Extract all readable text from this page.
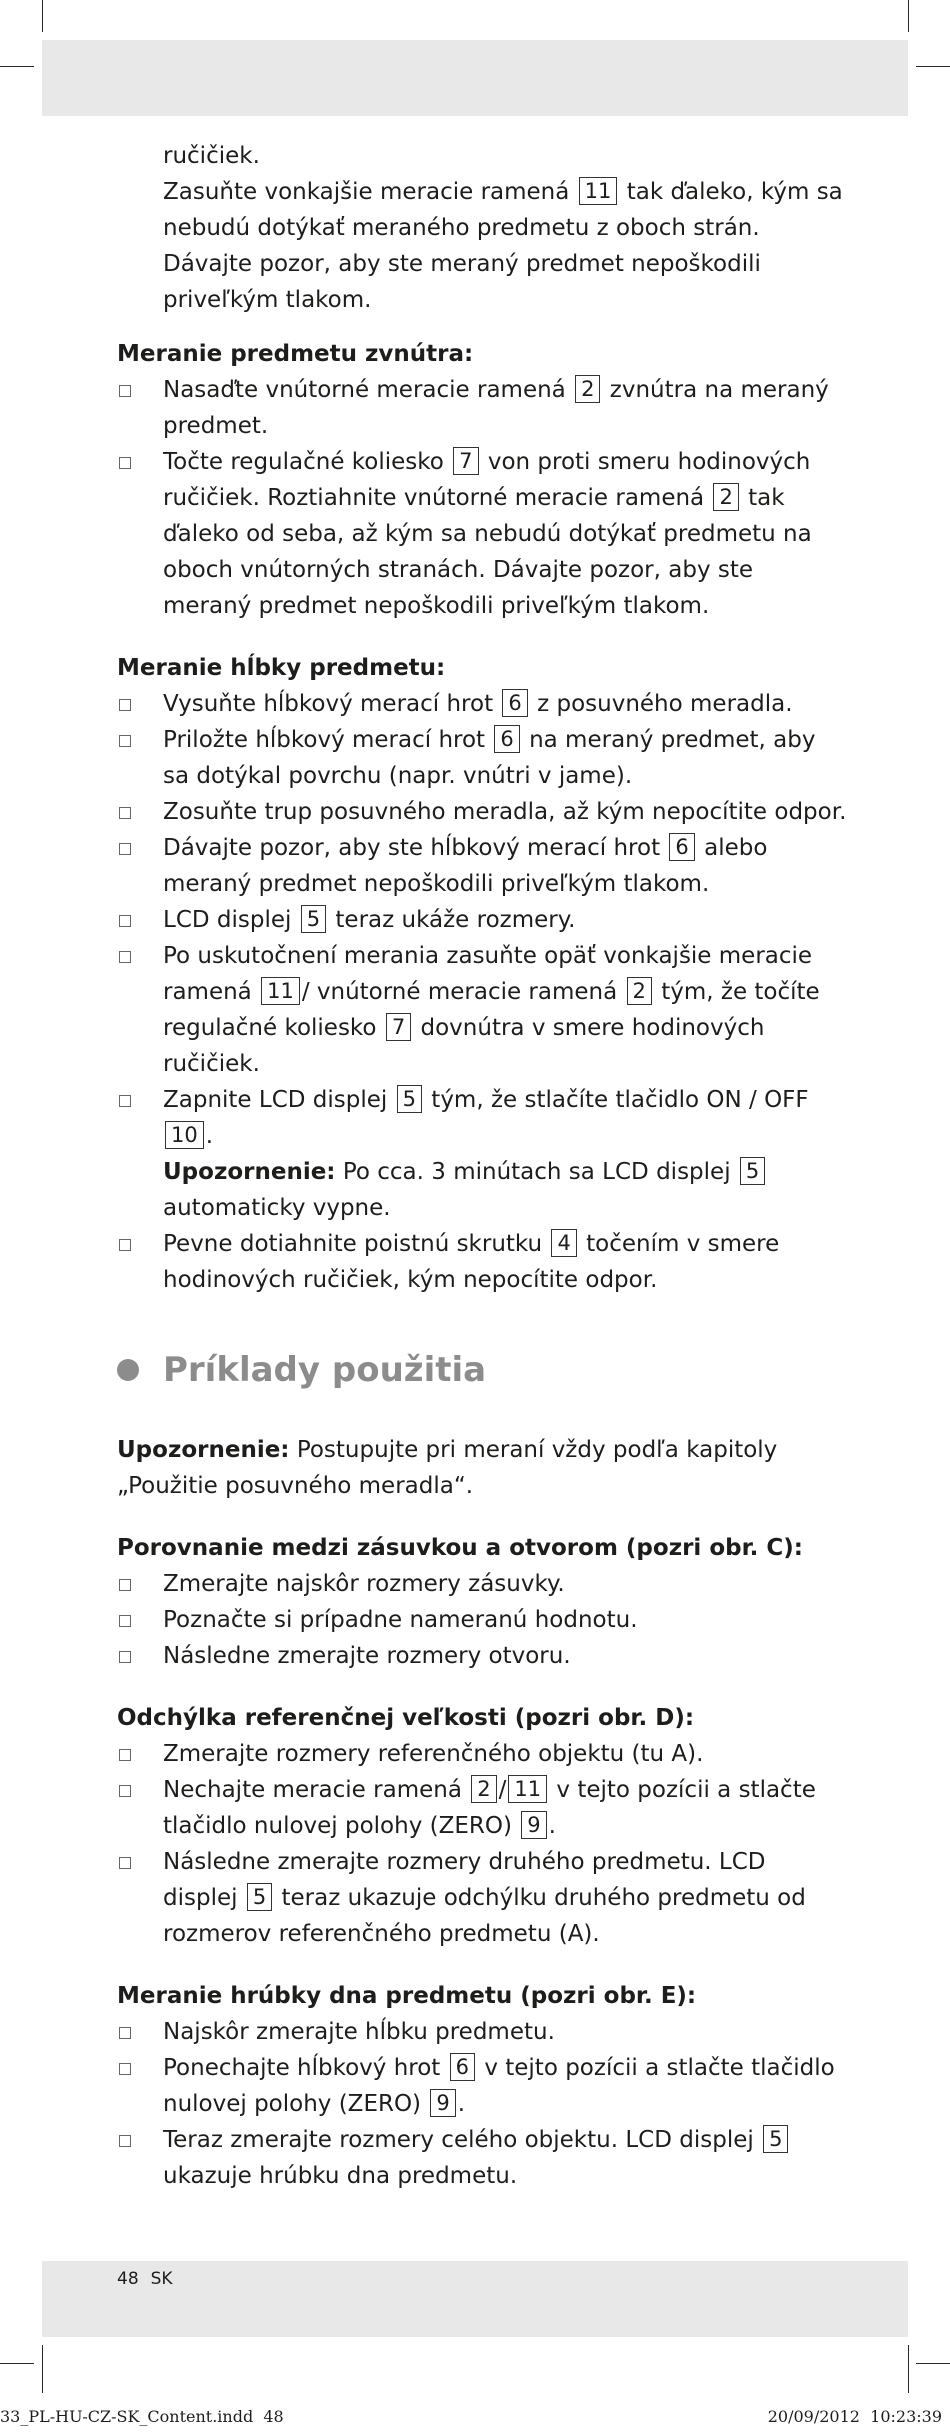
ručičiek.
Zasuňte vonkajšie meracie ramená 11 tak ďaleko, kým sa nebudú dotýkať meraného predmetu z oboch strán. Dávajte pozor, aby ste meraný predmet nepoškodili priveľkým tlakom.
Meranie predmetu zvnútra:
Nasaďte vnútorné meracie ramená 2 zvnútra na meraný predmet.
Točte regulačné koliesko 7 von proti smeru hodinových ručičiek. Roztiahnite vnútorné meracie ramená 2 tak ďaleko od seba, až kým sa nebudú dotýkať predmetu na oboch vnútorných stranách. Dávajte pozor, aby ste meraný predmet nepoškodili priveľkým tlakom.
Meranie hĺbky predmetu:
Vysuňte hĺbkový merací hrot 6 z posuvného meradla.
Priložte hĺbkový merací hrot 6 na meraný predmet, aby sa dotýkal povrchu (napr. vnútri v jame).
Zosuňte trup posuvného meradla, až kým nepocítite odpor.
Dávajte pozor, aby ste hĺbkový merací hrot 6 alebo meraný predmet nepoškodili priveľkým tlakom.
LCD displej 5 teraz ukáže rozmery.
Po uskutočnení merania zasuňte opäť vonkajšie meracie ramená 11 / vnútorné meracie ramená 2 tým, že točíte regulačné koliesko 7 dovnútra v smere hodinových ručičiek.
Zapnite LCD displej 5 tým, že stlačíte tlačidlo ON / OFF 10 .
Upozornenie: Po cca. 3 minútach sa LCD displej 5 automaticky vypne.
Pevne dotiahnite poistnú skrutku 4 točením v smere hodinových ručičiek, kým nepocítite odpor.
Príklady použitia
Upozornenie: Postupujte pri meraní vždy podľa kapitoly „Použitie posuvného meradla“.
Porovnanie medzi zásuvkou a otvorom (pozri obr. C):
Zmerajte najskôr rozmery zásuvky.
Poznačte si prípadne nameranú hodnotu.
Následne zmerajte rozmery otvoru.
Odchýlka referenčnej veľkosti (pozri obr. D):
Zmerajte rozmery referenčného objektu (tu A).
Nechajte meracie ramená 2 / 11 v tejto pozícii a stlačte tlačidlo nulovej polohy (ZERO) 9 .
Následne zmerajte rozmery druhého predmetu. LCD displej 5 teraz ukazuje odchýlku druhého predmetu od rozmerov referenčného predmetu (A).
Meranie hrúbky dna predmetu (pozri obr. E):
Najskôr zmerajte hĺbku predmetu.
Ponechajte hĺbkový hrot 6 v tejto pozícii a stlačte tlačidlo nulovej polohy (ZERO) 9 .
Teraz zmerajte rozmery celého objektu. LCD displej 5 ukazuje hrúbku dna predmetu.
48 SK
33_PL-HU-CZ-SK_Content.indd 48	20/09/2012 10:23:39
